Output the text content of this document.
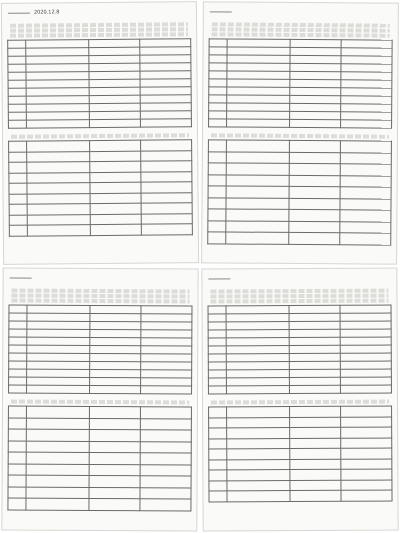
2020.12.8
